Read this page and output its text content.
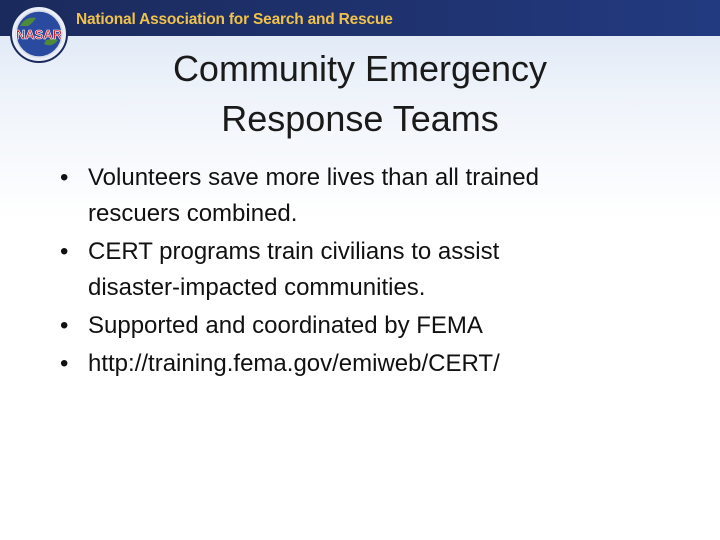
NASAR
National Association for Search and Rescue
Community Emergency
Response Teams
• Volunteers save more lives than all trained
rescuers combined.
• CERT programs train civilians to assist
disaster-impacted communities.
• Supported and coordinated by FEMA
• http://training.fema.gov/emiweb/CERT/
